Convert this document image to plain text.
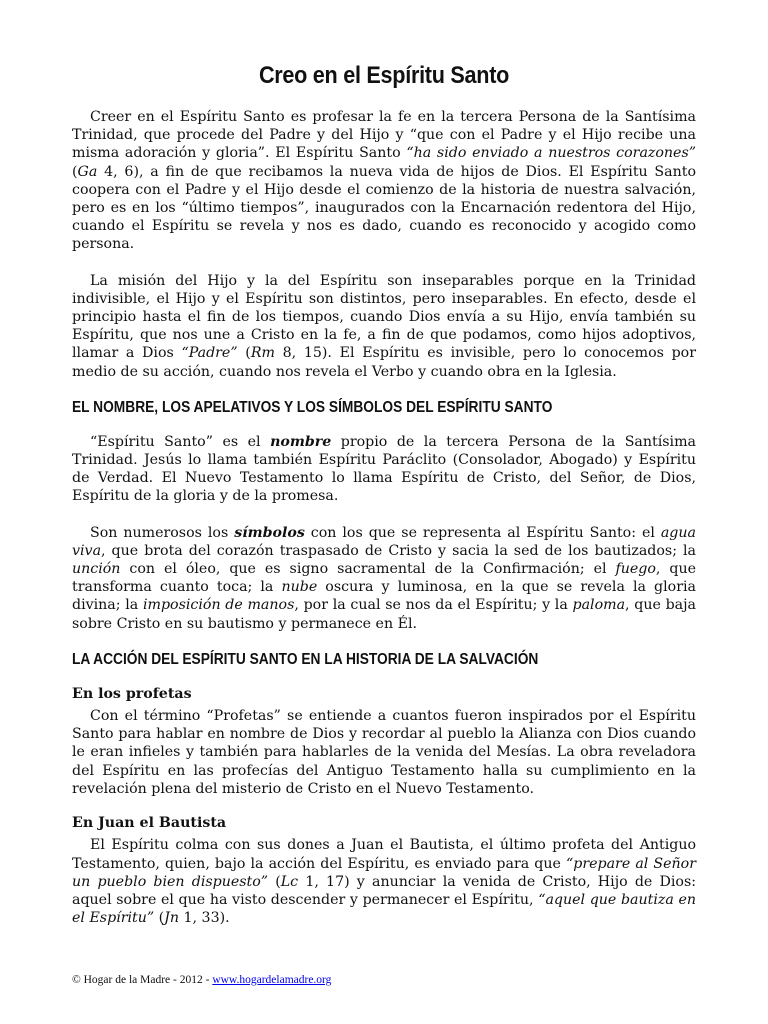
Creo en el Espíritu Santo

Creer en el Espíritu Santo es profesar la fe en la tercera Persona de la Santísima Trinidad, que procede del Padre y del Hijo y “que con el Padre y el Hijo recibe una misma adoración y gloria”. El Espíritu Santo “ha sido enviado a nuestros corazones” (Ga 4, 6), a fin de que recibamos la nueva vida de hijos de Dios. El Espíritu Santo coopera con el Padre y el Hijo desde el comienzo de la historia de nuestra salvación, pero es en los “último tiempos”, inaugurados con la Encarnación redentora del Hijo, cuando el Espíritu se revela y nos es dado, cuando es reconocido y acogido como persona.

La misión del Hijo y la del Espíritu son inseparables porque en la Trinidad indivisible, el Hijo y el Espíritu son distintos, pero inseparables. En efecto, desde el principio hasta el fin de los tiempos, cuando Dios envía a su Hijo, envía también su Espíritu, que nos une a Cristo en la fe, a fin de que podamos, como hijos adoptivos, llamar a Dios “Padre” (Rm 8, 15). El Espíritu es invisible, pero lo conocemos por medio de su acción, cuando nos revela el Verbo y cuando obra en la Iglesia.

EL NOMBRE, LOS APELATIVOS Y LOS SÍMBOLOS DEL ESPÍRITU SANTO

“Espíritu Santo” es el nombre propio de la tercera Persona de la Santísima Trinidad. Jesús lo llama también Espíritu Paráclito (Consolador, Abogado) y Espíritu de Verdad. El Nuevo Testamento lo llama Espíritu de Cristo, del Señor, de Dios, Espíritu de la gloria y de la promesa.

Son numerosos los símbolos con los que se representa al Espíritu Santo: el agua viva, que brota del corazón traspasado de Cristo y sacia la sed de los bautizados; la unción con el óleo, que es signo sacramental de la Confirmación; el fuego, que transforma cuanto toca; la nube oscura y luminosa, en la que se revela la gloria divina; la imposición de manos, por la cual se nos da el Espíritu; y la paloma, que baja sobre Cristo en su bautismo y permanece en Él.

LA ACCIÓN DEL ESPÍRITU SANTO EN LA HISTORIA DE LA SALVACIÓN
En los profetas

Con el término “Profetas” se entiende a cuantos fueron inspirados por el Espíritu Santo para hablar en nombre de Dios y recordar al pueblo la Alianza con Dios cuando le eran infieles y también para hablarles de la venida del Mesías. La obra reveladora del Espíritu en las profecías del Antiguo Testamento halla su cumplimiento en la revelación plena del misterio de Cristo en el Nuevo Testamento.

En Juan el Bautista

El Espíritu colma con sus dones a Juan el Bautista, el último profeta del Antiguo Testamento, quien, bajo la acción del Espíritu, es enviado para que “prepare al Señor un pueblo bien dispuesto” (Lc 1, 17) y anunciar la venida de Cristo, Hijo de Dios: aquel sobre el que ha visto descender y permanecer el Espíritu, “aquel que bautiza en el Espíritu” (Jn 1, 33).

© Hogar de la Madre - 2012 - www.hogardelamadre.org
